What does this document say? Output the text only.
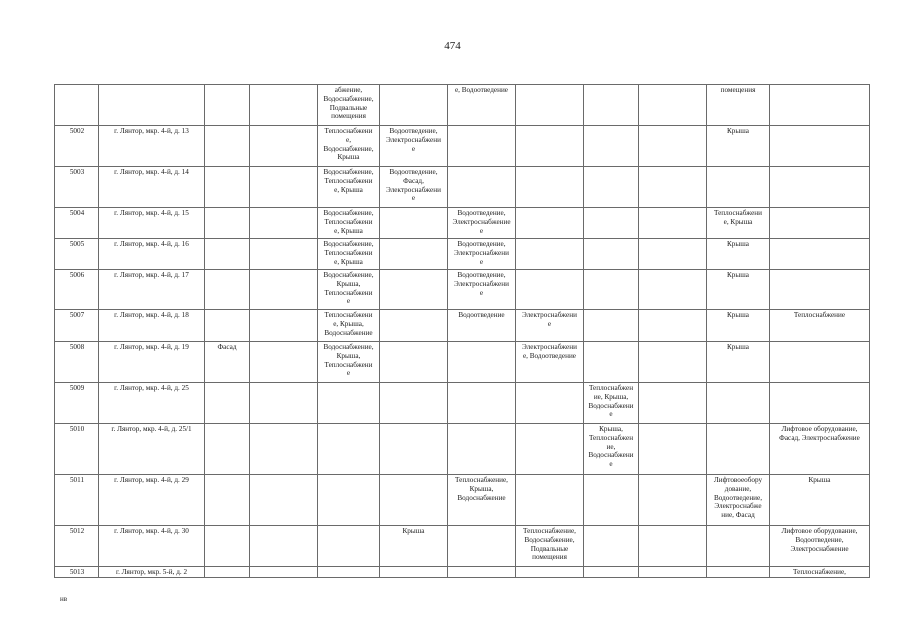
474

				абжение,
Водоснабжение,
Подвальные
помещения		е, Водоотведение				помещения	

5002	г. Лянтор, мкр. 4-й, д. 13			Теплоснабжени
е,
Водоснабжение,
Крыша	Водоотведение,
Электроснабжени
е					Крыша	

5003	г. Лянтор, мкр. 4-й, д. 14			Водоснабжение,
Теплоснабжени
е, Крыша	Водоотведение,
Фасад,
Электроснабжени
е						

5004	г. Лянтор, мкр. 4-й, д. 15			Водоснабжение,
Теплоснабжени
е, Крыша		Водоотведение,
Электроснабжение
е				Теплоснабжени
е, Крыша	

5005	г. Лянтор, мкр. 4-й, д. 16			Водоснабжение,
Теплоснабжени
е, Крыша		Водоотведение,
Электроснабжени
е				Крыша	

5006	г. Лянтор, мкр. 4-й, д. 17			Водоснабжение,
Крыша,
Теплоснабжени
е		Водоотведение,
Электроснабжени
е				Крыша	

5007	г. Лянтор, мкр. 4-й, д. 18			Теплоснабжени
е, Крыша,
Водоснабжение		Водоотведение	Электроснабжени
е			Крыша	Теплоснабжение

5008	г. Лянтор, мкр. 4-й, д. 19	Фасад		Водоснабжение,
Крыша,
Теплоснабжени
е			Электроснабжени
е, Водоотведение			Крыша	

5009	г. Лянтор, мкр. 4-й, д. 25							Теплоснабжен
ие, Крыша,
Водоснабжени
е			

5010	г. Лянтор, мкр. 4-й, д. 25/1							Крыша,
Теплоснабжен
ие,
Водоснабжени
е			Лифтовое оборудование,
Фасад, Электроснабжение

5011	г. Лянтор, мкр. 4-й, д. 29					Теплоснабжение,
Крыша,
Водоснабжение				Лифтовоеобору
дование,
Водоотведение,
Электроснабже
ние, Фасад	Крыша

5012	г. Лянтор, мкр. 4-й, д. 30				Крыша		Теплоснабжение,
Водоснабжение,
Подвальные
помещения				Лифтовое оборудование,
Водоотведение,
Электроснабжение

5013	г. Лянтор, мкр. 5-й, д. 2										Теплоснабжение,
нв
